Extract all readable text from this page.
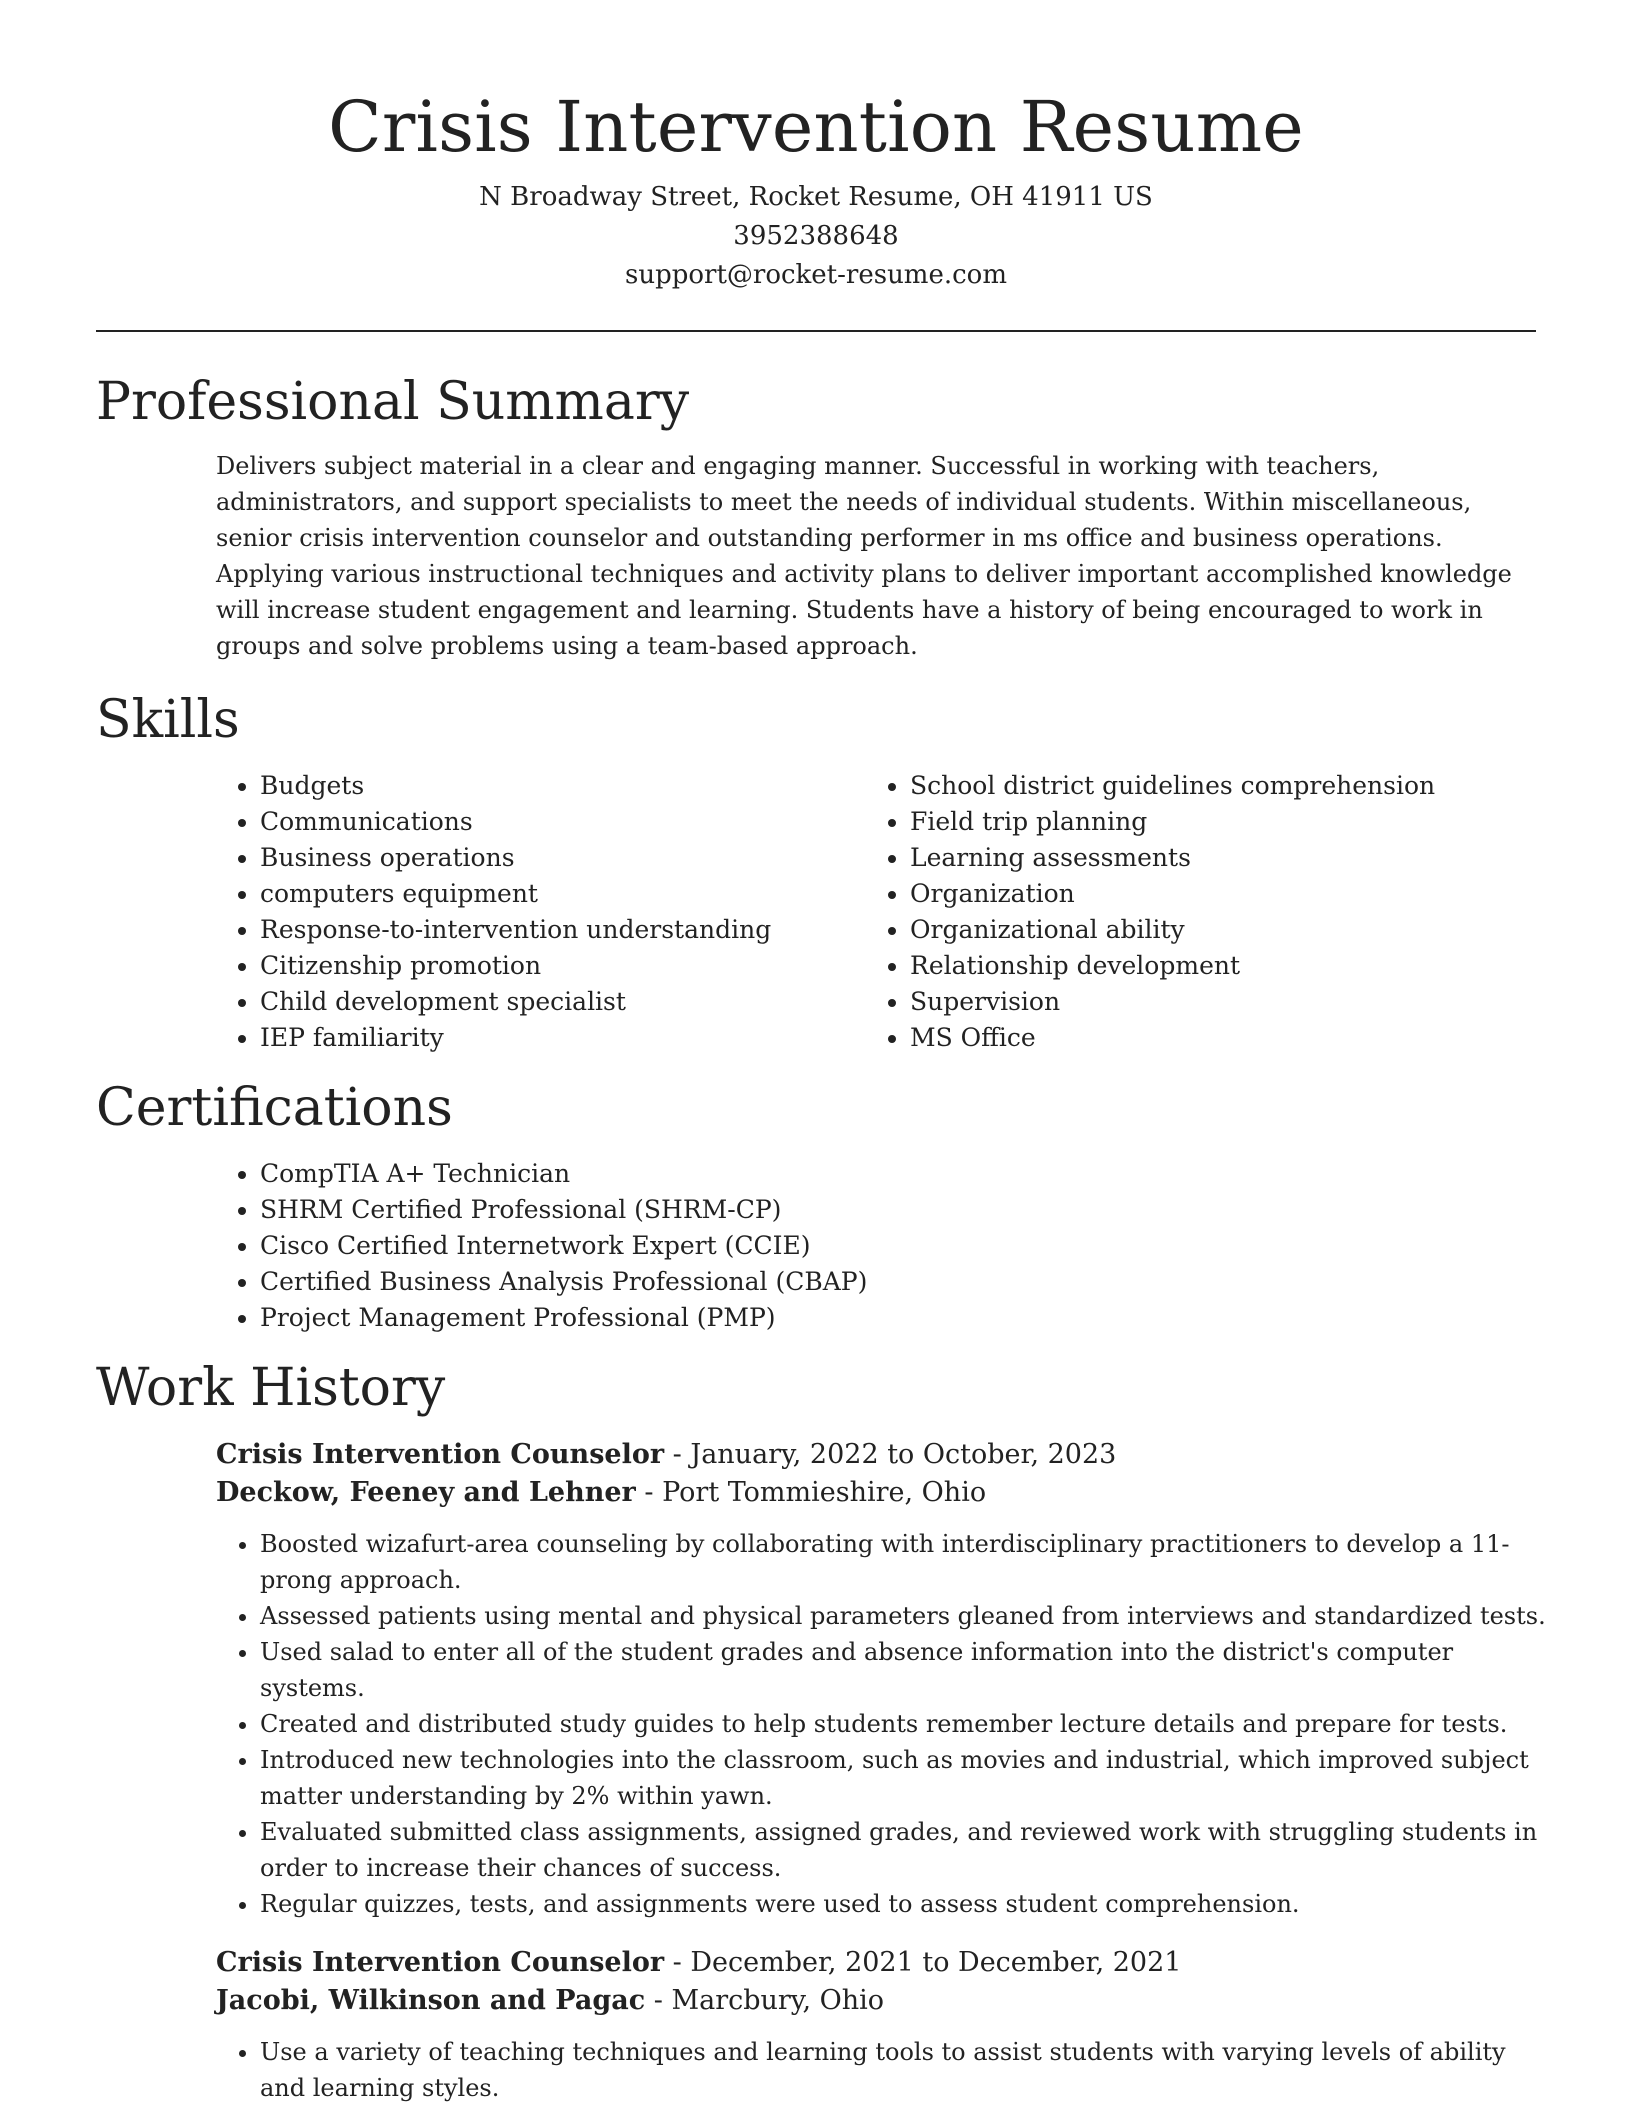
Crisis Intervention Resume
N Broadway Street, Rocket Resume, OH 41911 US
3952388648
support@rocket-resume.com
Professional Summary

Delivers subject material in a clear and engaging manner. Successful in working with teachers, administrators, and support specialists to meet the needs of individual students. Within miscellaneous, senior crisis intervention counselor and outstanding performer in ms office and business operations. Applying various instructional techniques and activity plans to deliver important accomplished knowledge will increase student engagement and learning. Students have a history of being encouraged to work in groups and solve problems using a team-based approach.

Skills
• Budgets
• Communications
• Business operations
• computers equipment
• Response-to-intervention understanding
• Citizenship promotion
• Child development specialist
• IEP familiarity
• School district guidelines comprehension
• Field trip planning
• Learning assessments
• Organization
• Organizational ability
• Relationship development
• Supervision
• MS Office
Certifications
• CompTIA A+ Technician
• SHRM Certified Professional (SHRM-CP)
• Cisco Certified Internetwork Expert (CCIE)
• Certified Business Analysis Professional (CBAP)
• Project Management Professional (PMP)
Work History
Crisis Intervention Counselor - January, 2022 to October, 2023
Deckow, Feeney and Lehner - Port Tommieshire, Ohio
• Boosted wizafurt-area counseling by collaborating with interdisciplinary practitioners to develop a 11-prong approach.
• Assessed patients using mental and physical parameters gleaned from interviews and standardized tests.
• Used salad to enter all of the student grades and absence information into the district's computer systems.
• Created and distributed study guides to help students remember lecture details and prepare for tests.
• Introduced new technologies into the classroom, such as movies and industrial, which improved subject matter understanding by 2% within yawn.
• Evaluated submitted class assignments, assigned grades, and reviewed work with struggling students in order to increase their chances of success.
• Regular quizzes, tests, and assignments were used to assess student comprehension.
Crisis Intervention Counselor - December, 2021 to December, 2021
Jacobi, Wilkinson and Pagac - Marcbury, Ohio
• Use a variety of teaching techniques and learning tools to assist students with varying levels of ability and learning styles.
